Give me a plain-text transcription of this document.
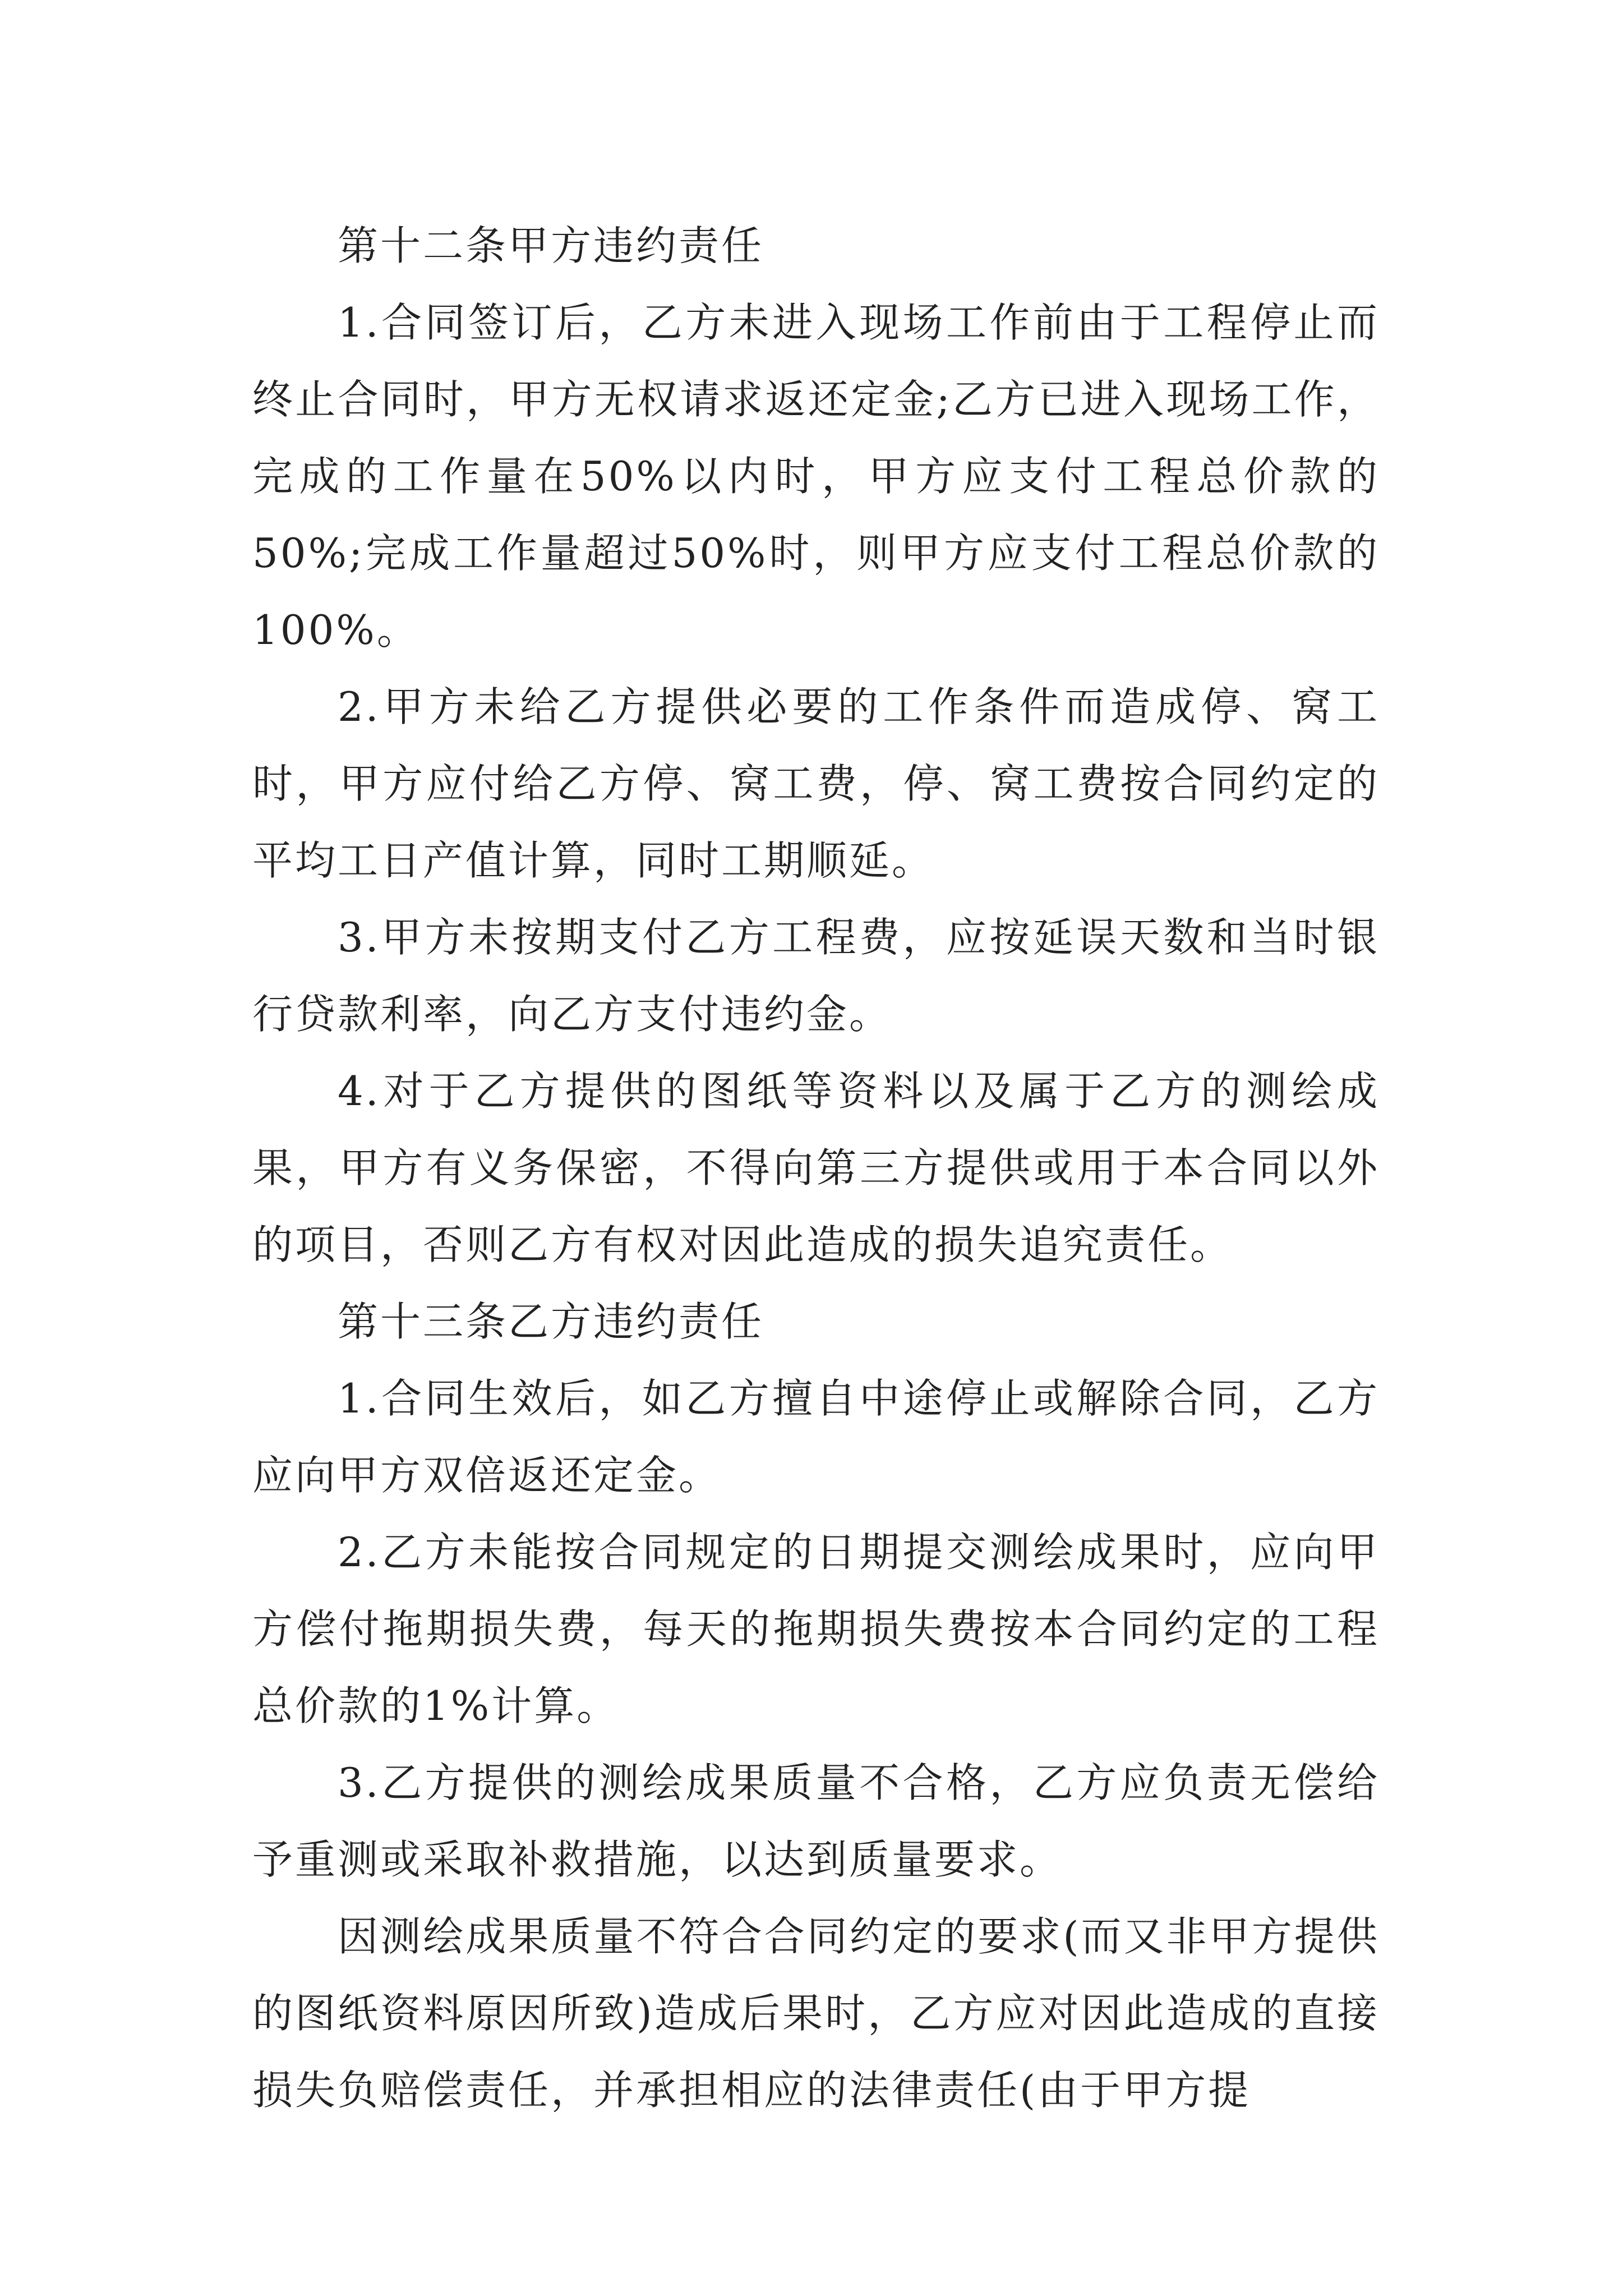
第十二条甲方违约责任

1.合同签订后，乙方未进入现场工作前由于工程停止而终止合同时，甲方无权请求返还定金;乙方已进入现场工作，完成的工作量在50%以内时，甲方应支付工程总价款的50%;完成工作量超过50%时，则甲方应支付工程总价款的100%。

2.甲方未给乙方提供必要的工作条件而造成停、窝工时，甲方应付给乙方停、窝工费，停、窝工费按合同约定的平均工日产值计算，同时工期顺延。

3.甲方未按期支付乙方工程费，应按延误天数和当时银行贷款利率，向乙方支付违约金。

4.对于乙方提供的图纸等资料以及属于乙方的测绘成果，甲方有义务保密，不得向第三方提供或用于本合同以外的项目，否则乙方有权对因此造成的损失追究责任。

第十三条乙方违约责任

1.合同生效后，如乙方擅自中途停止或解除合同，乙方应向甲方双倍返还定金。

2.乙方未能按合同规定的日期提交测绘成果时，应向甲方偿付拖期损失费，每天的拖期损失费按本合同约定的工程总价款的1%计算。

3.乙方提供的测绘成果质量不合格，乙方应负责无偿给予重测或采取补救措施，以达到质量要求。

因测绘成果质量不符合合同约定的要求(而又非甲方提供的图纸资料原因所致)造成后果时，乙方应对因此造成的直接损失负赔偿责任，并承担相应的法律责任(由于甲方提
